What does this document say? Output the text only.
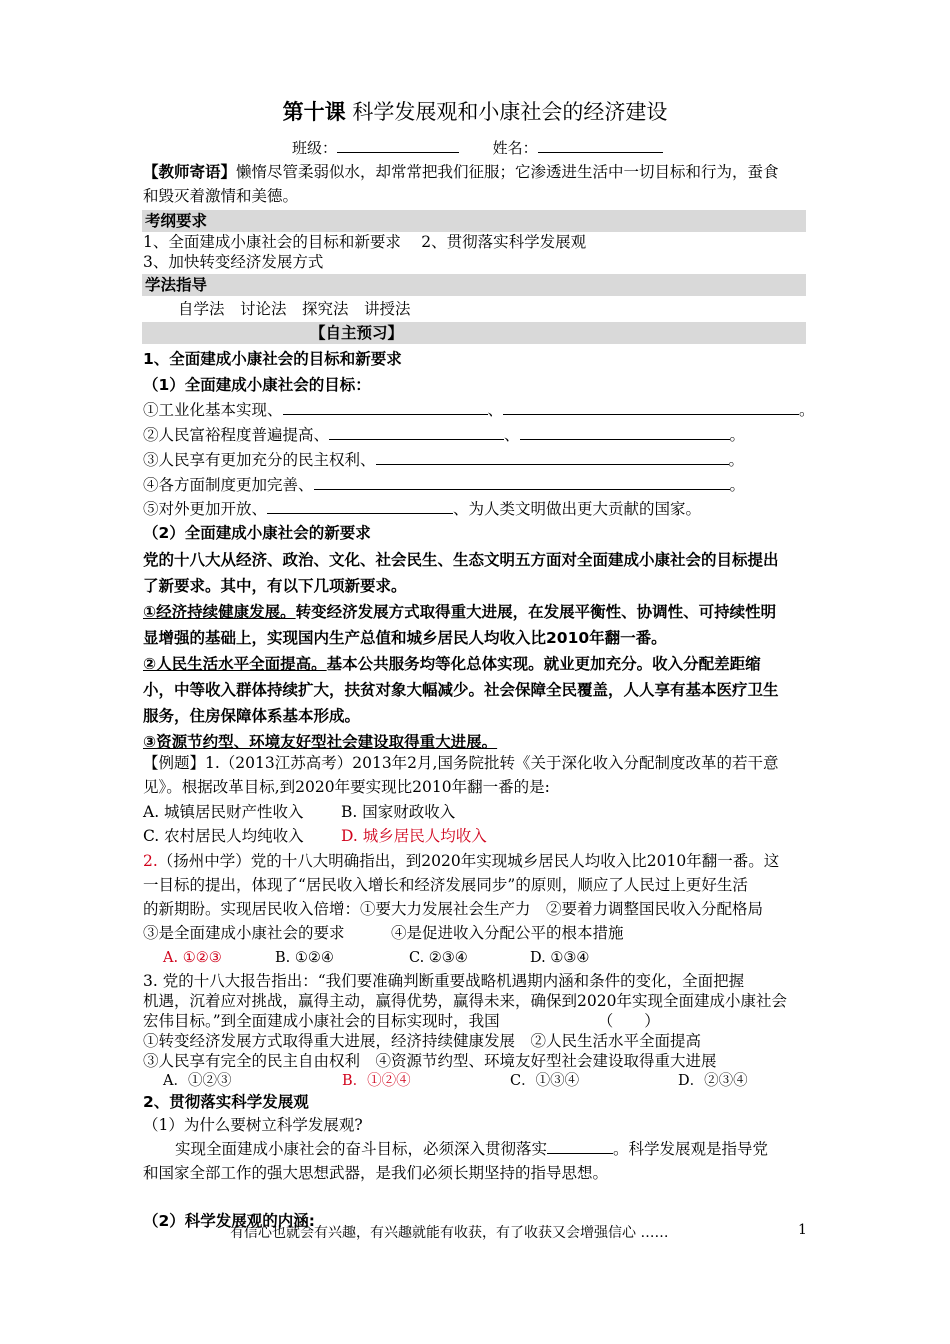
第十课 科学发展观和小康社会的经济建设
班级：	姓名：
【教师寄语】懒惰尽管柔弱似水，却常常把我们征服；它渗透进生活中一切目标和行为，蚕食
和毁灭着激情和美德。
考纲要求
1、全面建成小康社会的目标和新要求　 2、贯彻落实科学发展观
3、加快转变经济发展方式
学法指导
自学法　讨论法　探究法　讲授法
【自主预习】
1、全面建成小康社会的目标和新要求
（1）全面建成小康社会的目标：
①工业化基本实现、	、	。
②人民富裕程度普遍提高、	、	。
③人民享有更加充分的民主权利、	。
④各方面制度更加完善、	。
⑤对外更加开放、	、为人类文明做出更大贡献的国家。
（2）全面建成小康社会的新要求
党的十八大从经济、政治、文化、社会民生、生态文明五方面对全面建成小康社会的目标提出
了新要求。其中，有以下几项新要求。
①经济持续健康发展。转变经济发展方式取得重大进展，在发展平衡性、协调性、可持续性明
显增强的基础上，实现国内生产总值和城乡居民人均收入比2010年翻一番。
②人民生活水平全面提高。基本公共服务均等化总体实现。就业更加充分。收入分配差距缩
小，中等收入群体持续扩大，扶贫对象大幅减少。社会保障全民覆盖，人人享有基本医疗卫生
服务，住房保障体系基本形成。
③资源节约型、环境友好型社会建设取得重大进展。
【例题】1.（2013江苏高考）2013年2月,国务院批转《关于深化收入分配制度改革的若干意
见》。根据改革目标,到2020年要实现比2010年翻一番的是:
A. 城镇居民财产性收入 B. 国家财政收入
C. 农村居民人均纯收入 D. 城乡居民人均收入
2.（扬州中学）党的十八大明确指出，到2020年实现城乡居民人均收入比2010年翻一番。这
一目标的提出，体现了“居民收入增长和经济发展同步”的原则，顺应了人民过上更好生活
的新期盼。实现居民收入倍增：①要大力发展社会生产力　②要着力调整国民收入分配格局
③是全面建成小康社会的要求　　　④是促进收入分配公平的根本措施
A. ①②③	B. ①②④	C. ②③④	D. ①③④
3. 党的十八大报告指出：“我们要准确判断重要战略机遇期内涵和条件的变化，全面把握
机遇，沉着应对挑战，赢得主动，赢得优势，赢得未来，确保到2020年实现全面建成小康社会
宏伟目标。”到全面建成小康社会的目标实现时，我国	（　　）
①转变经济发展方式取得重大进展，经济持续健康发展　②人民生活水平全面提高
③人民享有完全的民主自由权利　④资源节约型、环境友好型社会建设取得重大进展
A．①②③	B．①②④	C．①③④	D．②③④
2、贯彻落实科学发展观
（1）为什么要树立科学发展观?
实现全面建成小康社会的奋斗目标，必须深入贯彻落实	。科学发展观是指导党
和国家全部工作的强大思想武器，是我们必须长期坚持的指导思想。
（2）科学发展观的内涵:
有信心也就会有兴趣，有兴趣就能有收获，有了收获又会增强信心 ……	1
